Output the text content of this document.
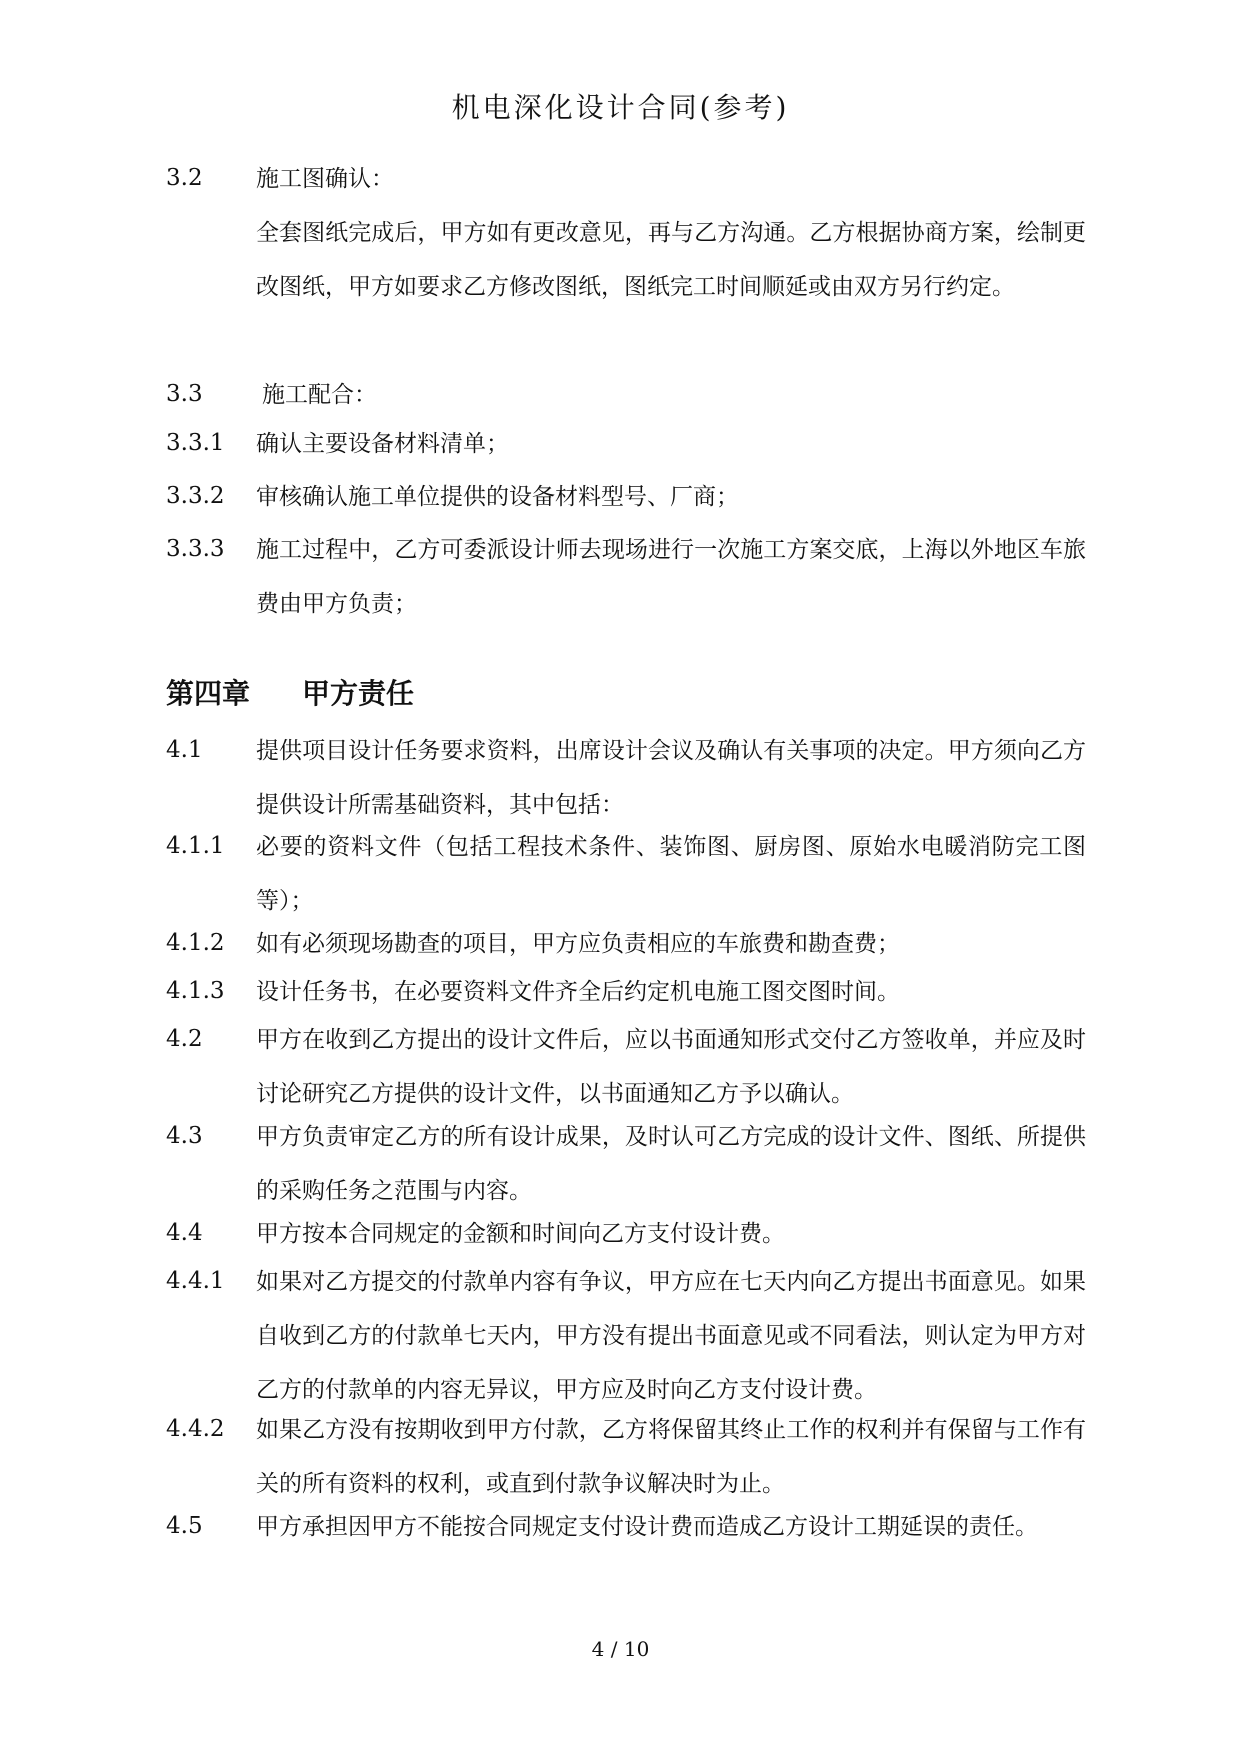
机电深化设计合同(参考)
3.2 施工图确认：
全套图纸完成后，甲方如有更改意见，再与乙方沟通。乙方根据协商方案，绘制更改图纸，甲方如要求乙方修改图纸，图纸完工时间顺延或由双方另行约定。
3.3	施工配合：
3.3.1 确认主要设备材料清单；
3.3.2 审核确认施工单位提供的设备材料型号、厂商；
3.3.3 施工过程中，乙方可委派设计师去现场进行一次施工方案交底，上海以外地区车旅费由甲方负责；
第四章 甲方责任
4.1 提供项目设计任务要求资料，出席设计会议及确认有关事项的决定。甲方须向乙方提供设计所需基础资料，其中包括：
4.1.1 必要的资料文件（包括工程技术条件、装饰图、厨房图、原始水电暖消防完工图等）；
4.1.2 如有必须现场勘查的项目，甲方应负责相应的车旅费和勘查费；
4.1.3 设计任务书，在必要资料文件齐全后约定机电施工图交图时间。
4.2 甲方在收到乙方提出的设计文件后，应以书面通知形式交付乙方签收单，并应及时讨论研究乙方提供的设计文件，以书面通知乙方予以确认。
4.3 甲方负责审定乙方的所有设计成果，及时认可乙方完成的设计文件、图纸、所提供的采购任务之范围与内容。
4.4 甲方按本合同规定的金额和时间向乙方支付设计费。
4.4.1 如果对乙方提交的付款单内容有争议，甲方应在七天内向乙方提出书面意见。如果自收到乙方的付款单七天内，甲方没有提出书面意见或不同看法，则认定为甲方对乙方的付款单的内容无异议，甲方应及时向乙方支付设计费。
4.4.2 如果乙方没有按期收到甲方付款，乙方将保留其终止工作的权利并有保留与工作有关的所有资料的权利，或直到付款争议解决时为止。
4.5 甲方承担因甲方不能按合同规定支付设计费而造成乙方设计工期延误的责任。
4 / 10
